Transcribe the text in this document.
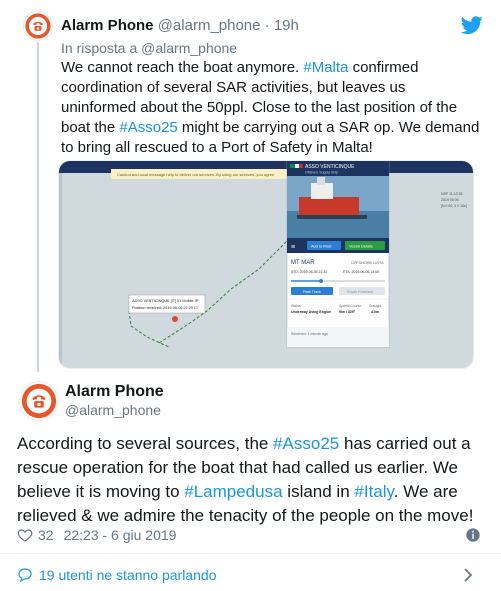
Alarm Phone @alarm_phone · 19h
In risposta a @alarm_phone
We cannot reach the boat anymore. #Malta confirmed coordination of several SAR activities, but leaves us uninformed about the 50ppl. Close to the last position of the boat the #Asso25 might be carrying out a SAR op. We demand to bring all rescued to a Port of Safety in Malta!
Caution and local message help to deliver our services. By using our services, you agree
NSP 11:13:26
2019 06 06
[N 0 00, 0 0 16e]
ASSO VENTICINQUE [IT] 51 Mobile IP
Position received: 2019-06-06 22:20 LT
ASSO VENTICINQUE
Offshore Supply Ship
≡	Add to Fleet	Vessel Details
MT MAR	OFFSHORE LIBYA
ATD: 2019-06-05 21:32	ETA: 2019-06-06 14:00
Past Track	Route Forecast
Status
Underway Using Engine
Speed/Course
9kn / 329°
Draught
4.0m
Received: 1 minute ago
Alarm Phone
@alarm_phone
According to several sources, the #Asso25 has carried out a rescue operation for the boat that had called us earlier. We believe it is moving to #Lampedusa island in #Italy. We are relieved & we admire the tenacity of the people on the move!
32 22:23 - 6 giu 2019
19 utenti ne stanno parlando
